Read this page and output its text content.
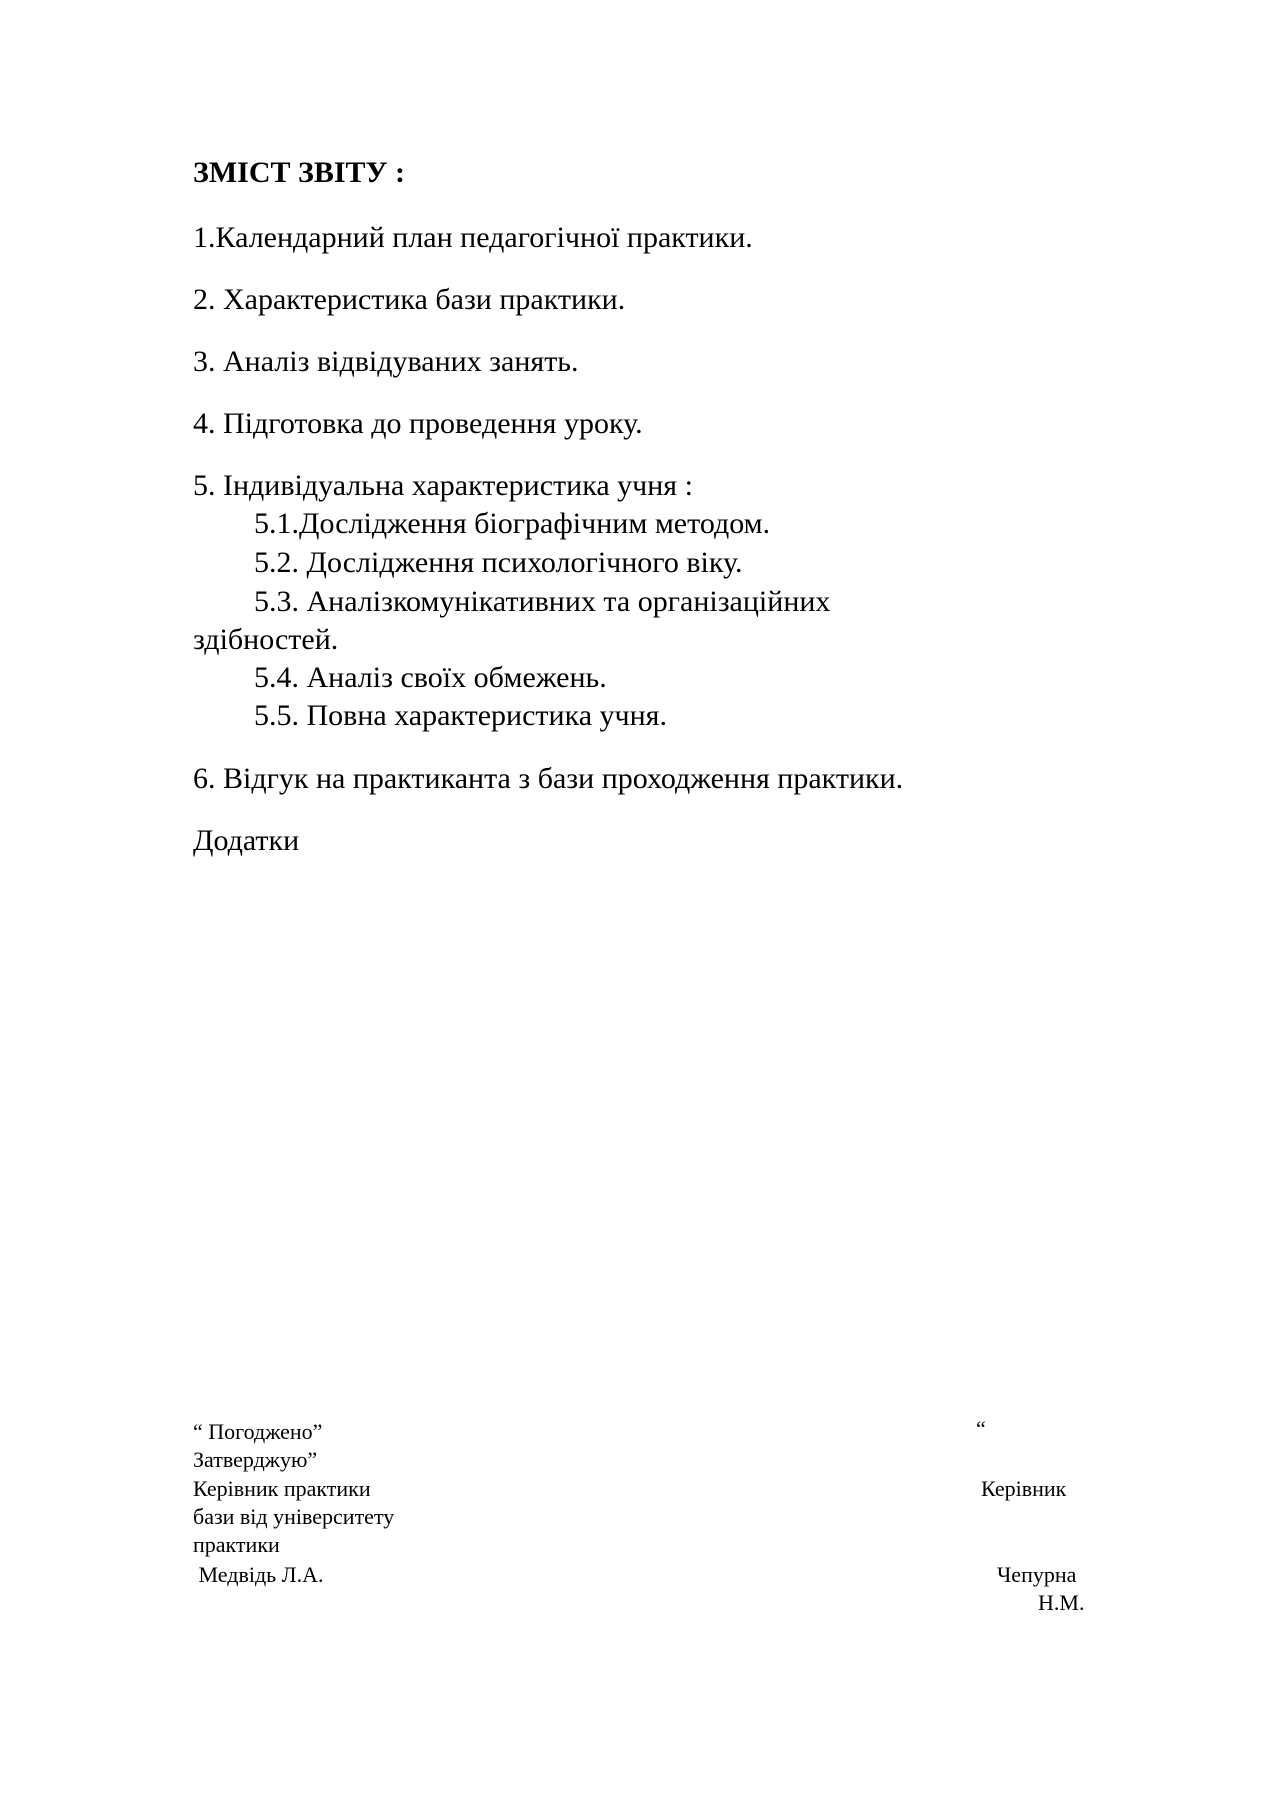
ЗМІСТ ЗВІТУ :
1.Календарний план педагогічної практики.
2. Характеристика бази практики.
3. Аналіз відвідуваних занять.
4. Підготовка до проведення уроку.
5. Індивідуальна характеристика учня :
5.1.Дослідження біографічним методом.
5.2. Дослідження психологічного віку.
5.3. Аналізкомунікативних та організаційних
здібностей.
5.4. Аналіз своїх обмежень.
5.5. Повна характеристика учня.
6. Відгук на практиканта з бази проходження практики.
Додатки
“ Погоджено”	“
Затверджую”
Керівник практики	Керівник
бази від університету
практики
Медвідь Л.А.	Чепурна
Н.М.
